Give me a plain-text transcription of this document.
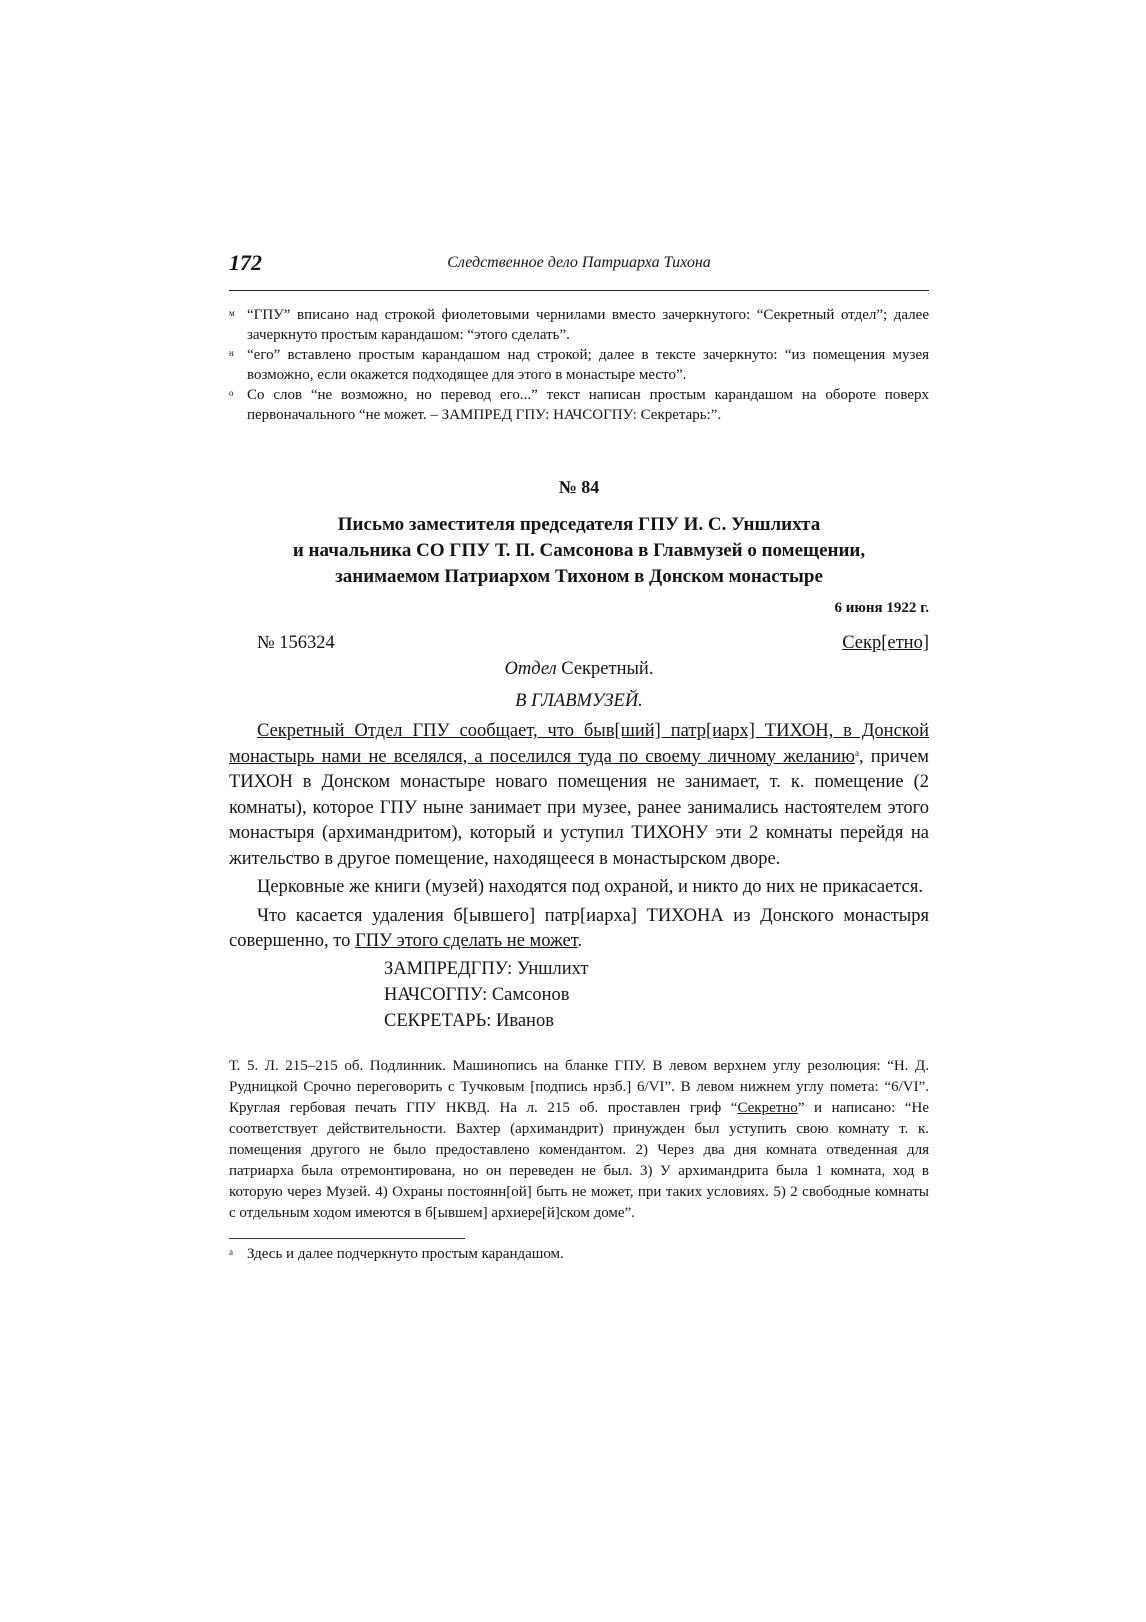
172	Следственное дело Патриарха Тихона
м “ГПУ” вписано над строкой фиолетовыми чернилами вместо зачеркнутого: “Секретный отдел”; далее зачеркнуто простым карандашом: “этого сделать”.
н “его” вставлено простым карандашом над строкой; далее в тексте зачеркнуто: “из помещения музея возможно, если окажется подходящее для этого в монастыре место”.
о Со слов “не возможно, но перевод его...” текст написан простым карандашом на обороте поверх первоначального “не может. – ЗАМПРЕД ГПУ: НАЧСОГПУ: Секретарь:”.
№ 84
Письмо заместителя председателя ГПУ И. С. Уншлихта
и начальника СО ГПУ Т. П. Самсонова в Главмузей о помещении,
занимаемом Патриархом Тихоном в Донском монастыре
6 июня 1922 г.
№ 156324	Секр[етно]
Отдел Секретный.
В ГЛАВМУЗЕЙ.

Секретный Отдел ГПУ сообщает, что быв[ший] патр[иарх] ТИХОН, в Донской монастырь нами не вселялся, а поселился туда по своему личному желанию$^а$, причем ТИХОН в Донском монастыре новаго помещения не занимает, т. к. помещение (2 комнаты), которое ГПУ ныне занимает при музее, ранее занимались настоятелем этого монастыря (архимандритом), который и уступил ТИХОНУ эти 2 комнаты перейдя на жительство в другое помещение, находящееся в монастырском дворе.

Церковные же книги (музей) находятся под охраной, и никто до них не прикасается.

Что касается удаления б[ывшего] патр[иарха] ТИХОНА из Донского монастыря совершенно, то ГПУ этого сделать не может.

ЗАМПРЕДГПУ: Уншлихт
НАЧСОГПУ: Самсонов
СЕКРЕТАРЬ: Иванов
Т. 5. Л. 215–215 об. Подлинник. Машинопись на бланке ГПУ. В левом верхнем углу резолюция: “Н. Д. Рудницкой Срочно переговорить с Тучковым [подпись нрзб.] 6/VI”. В левом нижнем углу помета: “6/VI”. Круглая гербовая печать ГПУ НКВД. На л. 215 об. проставлен гриф “Секретно” и написано: “Не соответствует действительности. Вахтер (архимандрит) принужден был уступить свою комнату т. к. помещения другого не было предоставлено комендантом. 2) Через два дня комната отведенная для патриарха была отремонтирована, но он переведен не был. 3) У архимандрита была 1 комната, ход в которую через Музей. 4) Охраны постоянн[ой] быть не может, при таких условиях. 5) 2 свободные комнаты с отдельным ходом имеются в б[ывшем] архиере[й]ском доме”.
а Здесь и далее подчеркнуто простым карандашом.
